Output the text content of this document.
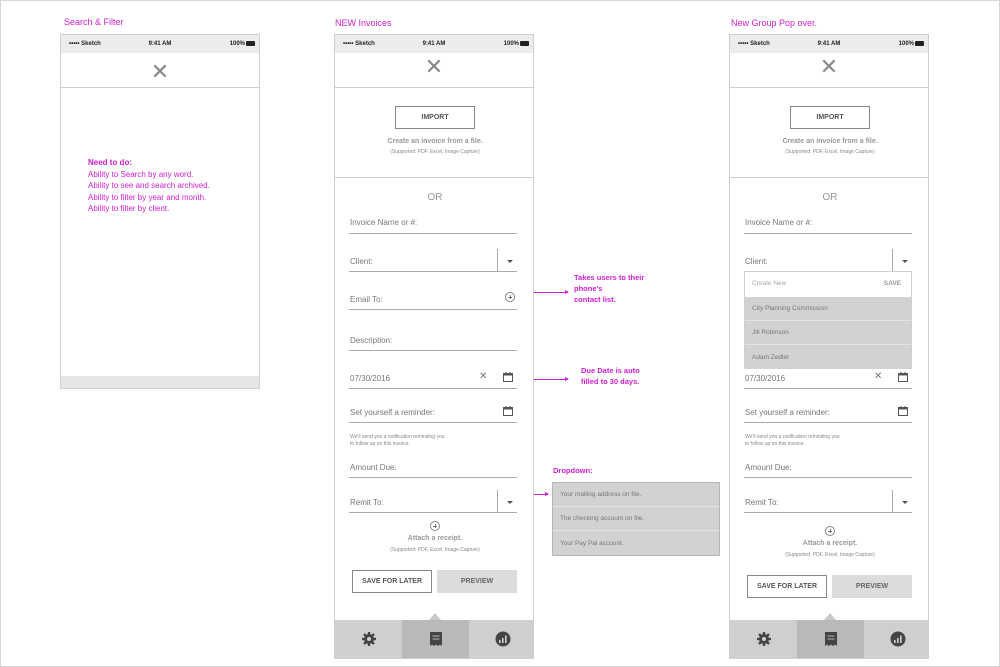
Search & Filter	NEW Invoices	New Group Pop over.
••••• Sketch	9:41 AM	100%
✕
Need to do:
Ability to Search by any word.
Ability to see and search archived.
Ability to filter by year and month.
Ability to filter by client.
••••• Sketch	9:41 AM	100%
✕
IMPORT
Create an invoice from a file.
(Supported: PDF, Excel, Image Capture)
OR
Invoice Name or #:
Client:
Email To:
Description:
07/30/2016	✕
Set yourself a reminder:
We'll send you a notification reminding you
to follow up on this invoice.
Amount Due:
Remit To:
Attach a receipt.
(Supported: PDF, Excel, Image Capture)
SAVE FOR LATER	PREVIEW
Takes users to their
phone's
contact list.
Due Date is auto
filled to 30 days.
Dropdown:
Your mailing address on file.
The checking account on file.
Your Pay Pal account.
••••• Sketch	9:41 AM	100%
✕
IMPORT
Create an invoice from a file.
(Supported: PDF, Excel, Image Capture)
OR
Invoice Name or #:
Client:
Create New	SAVE
City Planning Commission
Jill Robinson
Adam Zedler
07/30/2016	✕
Set yourself a reminder:
We'll send you a notification reminding you
to follow up on this invoice.
Amount Due:
Remit To:
Attach a receipt.
(Supported: PDF, Excel, Image Capture)
SAVE FOR LATER	PREVIEW
